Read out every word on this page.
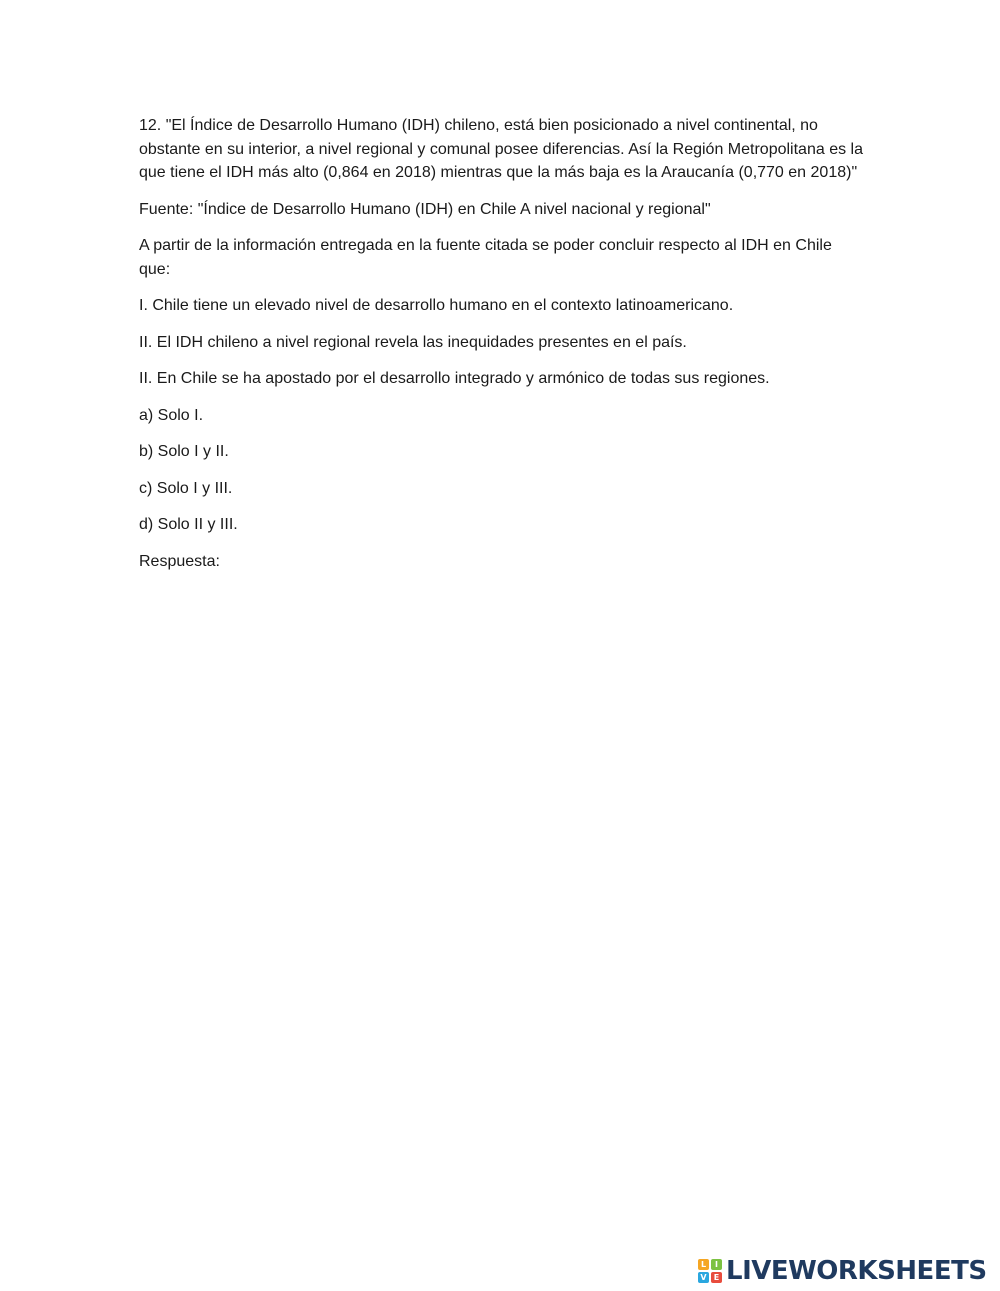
12. "El Índice de Desarrollo Humano (IDH) chileno, está bien posicionado a nivel continental, no obstante en su interior, a nivel regional y comunal posee diferencias. Así la Región Metropolitana es la que tiene el IDH más alto (0,864 en 2018) mientras que la más baja es la Araucanía (0,770 en 2018)"

Fuente: "Índice de Desarrollo Humano (IDH) en Chile A nivel nacional y regional"

A partir de la información entregada en la fuente citada se poder concluir respecto al IDH en Chile que:

I. Chile tiene un elevado nivel de desarrollo humano en el contexto latinoamericano.

II. El IDH chileno a nivel regional revela las inequidades presentes en el país.

II. En Chile se ha apostado por el desarrollo integrado y armónico de todas sus regiones.

a) Solo I.

b) Solo I y II.

c) Solo I y III.

d) Solo II y III.

Respuesta:

L	I
V E LIVEWORKSHEETS
